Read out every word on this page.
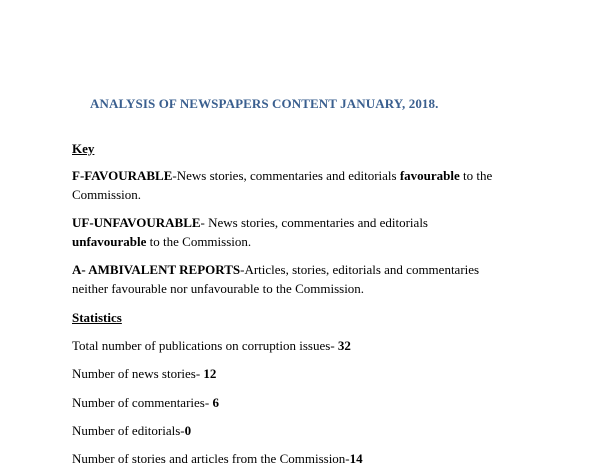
ANALYSIS OF NEWSPAPERS CONTENT JANUARY, 2018.
Key
F-FAVOURABLE-News stories, commentaries and editorials favourable to the Commission.
UF-UNFAVOURABLE- News stories, commentaries and editorials unfavourable to the Commission.
A- AMBIVALENT REPORTS-Articles, stories, editorials and commentaries neither favourable nor unfavourable to the Commission.
Statistics
Total number of publications on corruption issues- 32
Number of news stories- 12
Number of commentaries- 6
Number of editorials-0
Number of stories and articles from the Commission-14
